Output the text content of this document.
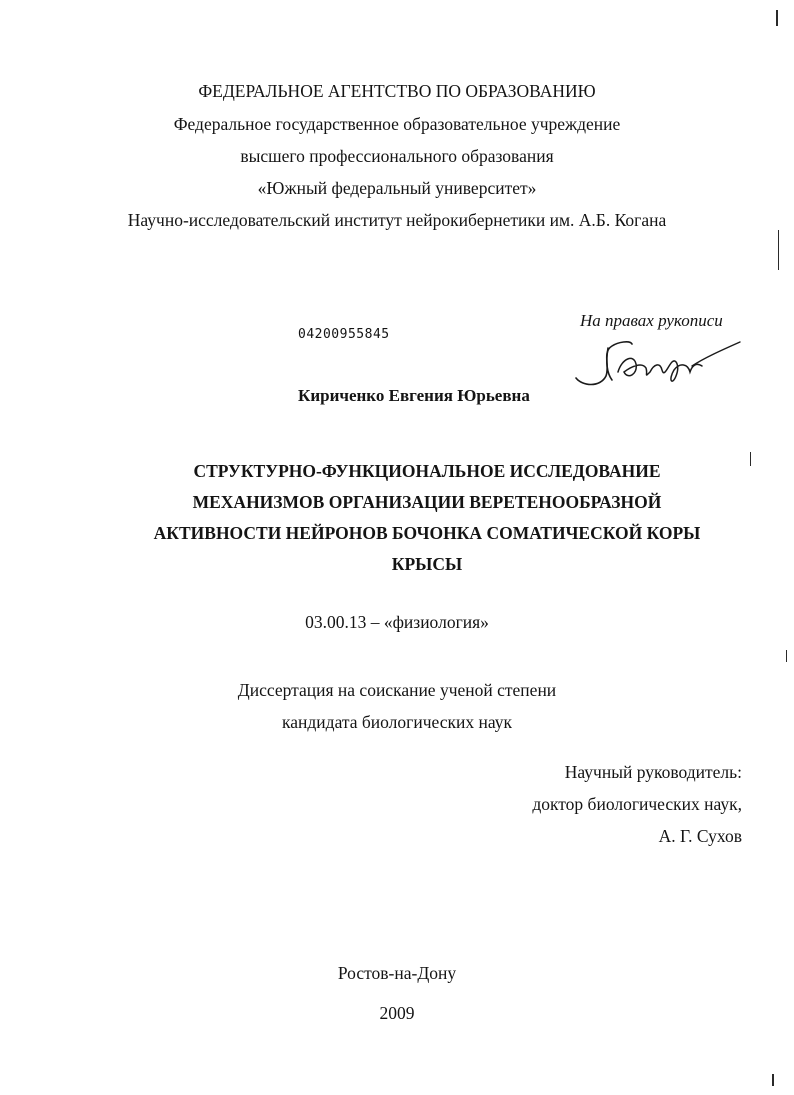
ФЕДЕРАЛЬНОЕ АГЕНТСТВО ПО ОБРАЗОВАНИЮ
Федеральное государственное образовательное учреждение
высшего профессионального образования
«Южный федеральный университет»
Научно-исследовательский институт нейрокибернетики им. А.Б. Когана
На правах рукописи
04200955845
Кириченко Евгения Юрьевна
СТРУКТУРНО-ФУНКЦИОНАЛЬНОЕ ИССЛЕДОВАНИЕ
МЕХАНИЗМОВ ОРГАНИЗАЦИИ ВЕРЕТЕНООБРАЗНОЙ
АКТИВНОСТИ НЕЙРОНОВ БОЧОНКА СОМАТИЧЕСКОЙ КОРЫ
КРЫСЫ
03.00.13 – «физиология»
Диссертация на соискание ученой степени
кандидата биологических наук
Научный руководитель:
доктор биологических наук,
А. Г. Сухов
Ростов-на-Дону
2009
